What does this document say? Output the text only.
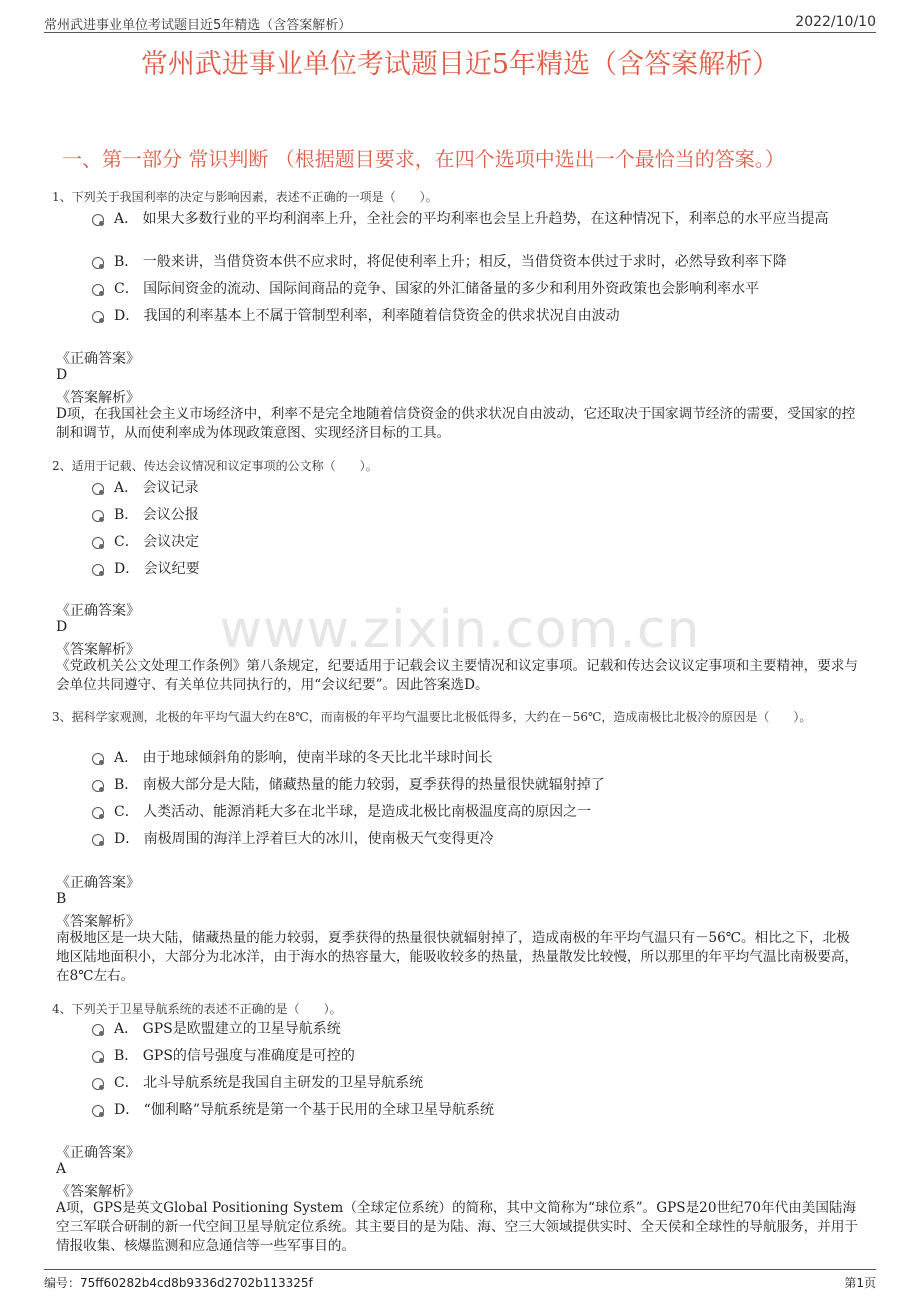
常州武进事业单位考试题目近5年精选（含答案解析）	2022/10/10
常州武进事业单位考试题目近5年精选（含答案解析）
一、第一部分 常识判断 （根据题目要求，在四个选项中选出一个最恰当的答案。）
www.zixin.com.cn
1、下列关于我国利率的决定与影响因素，表述不正确的一项是（　　）。
A． 如果大多数行业的平均利润率上升，全社会的平均利率也会呈上升趋势，在这种情况下，利率总的水平应当提高
B． 一般来讲，当借贷资本供不应求时，将促使利率上升；相反，当借贷资本供过于求时，必然导致利率下降
C． 国际间资金的流动、国际间商品的竞争、国家的外汇储备量的多少和利用外资政策也会影响利率水平
D． 我国的利率基本上不属于管制型利率，利率随着信贷资金的供求状况自由波动
《正确答案》
D
《答案解析》
D项，在我国社会主义市场经济中，利率不是完全地随着信贷资金的供求状况自由波动，它还取决于国家调节经济的需要，受国家的控制和调节，从而使利率成为体现政策意图、实现经济目标的工具。
2、适用于记载、传达会议情况和议定事项的公文称（　　）。
A． 会议记录
B． 会议公报
C． 会议决定
D． 会议纪要
《正确答案》
D
《答案解析》
《党政机关公文处理工作条例》第八条规定，纪要适用于记载会议主要情况和议定事项。记载和传达会议议定事项和主要精神，要求与会单位共同遵守、有关单位共同执行的，用“会议纪要”。因此答案选D。
3、据科学家观测，北极的年平均气温大约在8℃，而南极的年平均气温要比北极低得多，大约在－56℃，造成南极比北极冷的原因是（　　）。
A． 由于地球倾斜角的影响，使南半球的冬天比北半球时间长
B． 南极大部分是大陆，储藏热量的能力较弱，夏季获得的热量很快就辐射掉了
C． 人类活动、能源消耗大多在北半球，是造成北极比南极温度高的原因之一
D． 南极周围的海洋上浮着巨大的冰川，使南极天气变得更冷
《正确答案》
B
《答案解析》
南极地区是一块大陆，储藏热量的能力较弱，夏季获得的热量很快就辐射掉了，造成南极的年平均气温只有－56℃。相比之下，北极地区陆地面积小，大部分为北冰洋，由于海水的热容量大，能吸收较多的热量，热量散发比较慢，所以那里的年平均气温比南极要高，在8℃左右。
4、下列关于卫星导航系统的表述不正确的是（　　）。
A． GPS是欧盟建立的卫星导航系统
B． GPS的信号强度与准确度是可控的
C． 北斗导航系统是我国自主研发的卫星导航系统
D． “伽利略”导航系统是第一个基于民用的全球卫星导航系统
《正确答案》
A
《答案解析》
A项，GPS是英文Global Positioning System（全球定位系统）的简称，其中文简称为“球位系”。GPS是20世纪70年代由美国陆海空三军联合研制的新一代空间卫星导航定位系统。其主要目的是为陆、海、空三大领域提供实时、全天侯和全球性的导航服务，并用于情报收集、核爆监测和应急通信等一些军事目的。
编号：75ff60282b4cd8b9336d2702b113325f	第1页
